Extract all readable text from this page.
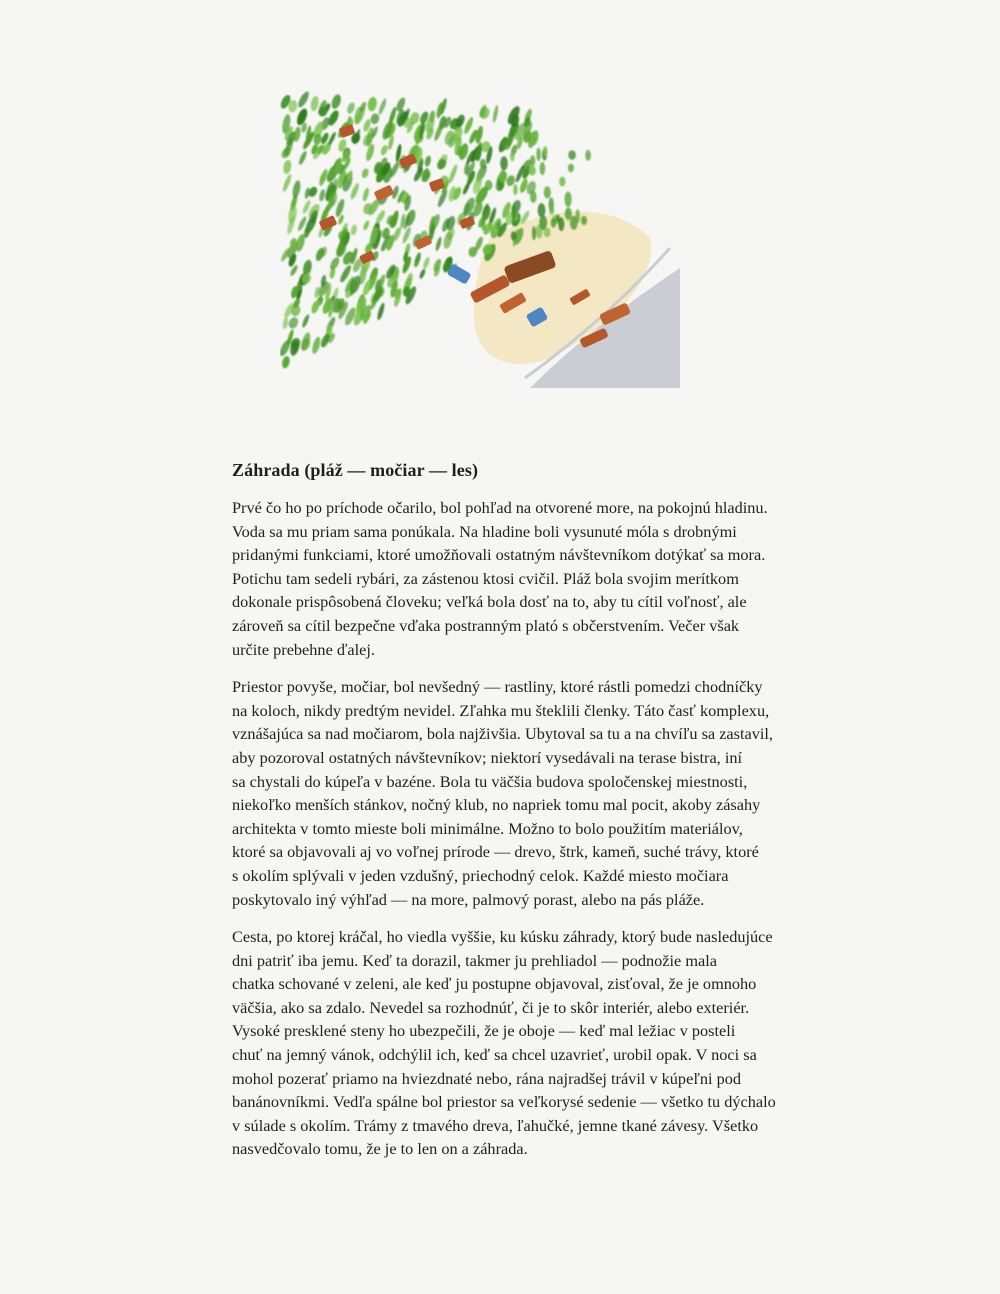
Záhrada (pláž — močiar — les)

Prvé čo ho po príchode očarilo, bol pohľad na otvorené more, na pokojnú hladinu.
Voda sa mu priam sama ponúkala. Na hladine boli vysunuté móla s drobnými
pridanými funkciami, ktoré umožňovali ostatným návštevníkom dotýkať sa mora.
Potichu tam sedeli rybári, za zástenou ktosi cvičil. Pláž bola svojim merítkom
dokonale prispôsobená človeku; veľká bola dosť na to, aby tu cítil voľnosť, ale
zároveň sa cítil bezpečne vďaka postranným plató s občerstvením. Večer však
určite prebehne ďalej.

Priestor povyše, močiar, bol nevšedný — rastliny, ktoré rástli pomedzi chodníčky
na koloch, nikdy predtým nevidel. Zľahka mu šteklili členky. Táto časť komplexu,
vznášajúca sa nad močiarom, bola najživšia. Ubytoval sa tu a na chvíľu sa zastavil,
aby pozoroval ostatných návštevníkov; niektorí vysedávali na terase bistra, iní
sa chystali do kúpeľa v bazéne. Bola tu väčšia budova spoločenskej miestnosti,
niekoľko menších stánkov, nočný klub, no napriek tomu mal pocit, akoby zásahy
architekta v tomto mieste boli minimálne. Možno to bolo použitím materiálov,
ktoré sa objavovali aj vo voľnej prírode — drevo, štrk, kameň, suché trávy, ktoré
s okolím splývali v jeden vzdušný, priechodný celok. Každé miesto močiara
poskytovalo iný výhľad — na more, palmový porast, alebo na pás pláže.

Cesta, po ktorej kráčal, ho viedla vyššie, ku kúsku záhrady, ktorý bude nasledujúce
dni patriť iba jemu. Keď ta dorazil, takmer ju prehliadol — podnožie mala
chatka schované v zeleni, ale keď ju postupne objavoval, zisťoval, že je omnoho
väčšia, ako sa zdalo. Nevedel sa rozhodnúť, či je to skôr interiér, alebo exteriér.
Vysoké presklené steny ho ubezpečili, že je oboje — keď mal ležiac v posteli
chuť na jemný vánok, odchýlil ich, keď sa chcel uzavrieť, urobil opak. V noci sa
mohol pozerať priamo na hviezdnaté nebo, rána najradšej trávil v kúpeľni pod
banánovníkmi. Vedľa spálne bol priestor sa veľkorysé sedenie — všetko tu dýchalo
v súlade s okolím. Trámy z tmavého dreva, ľahučké, jemne tkané závesy. Všetko
nasvedčovalo tomu, že je to len on a záhrada.
